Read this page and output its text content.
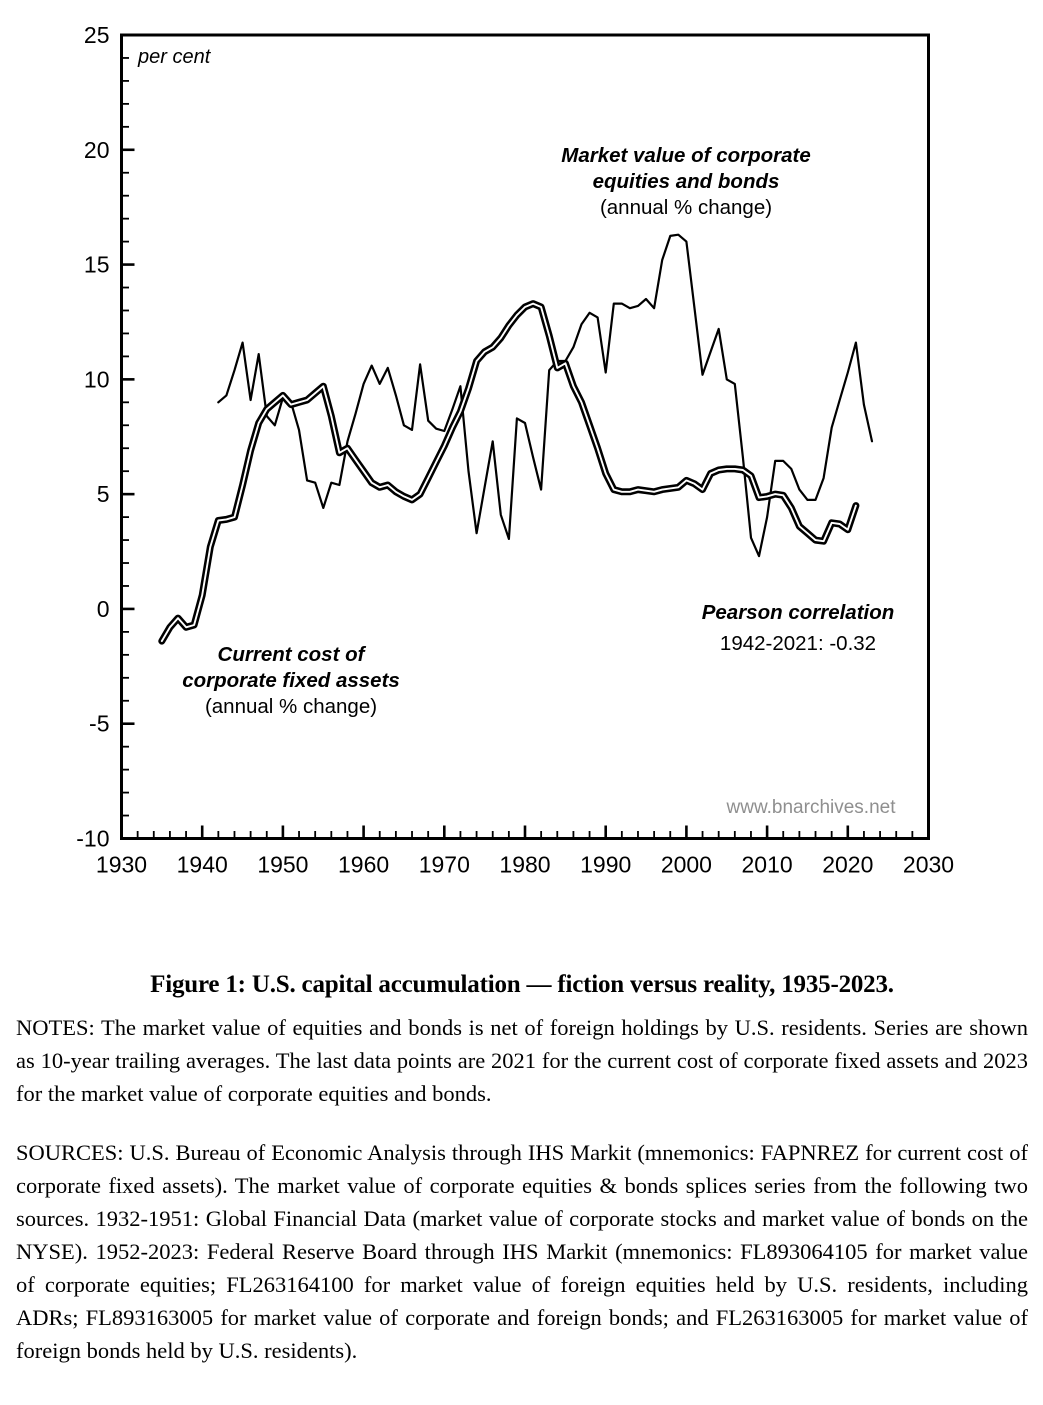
1930 1940 1950 1960 1970 1980 1990 2000 2010 2020 2030
-10
-5
0
5
10
15
20
25
per cent
Market value of corporate
equities and bonds
(annual % change)
Current cost of
corporate fixed assets
(annual % change)
Pearson correlation
1942-2021: -0.32
www.bnarchives.net
Figure 1: U.S. capital accumulation — fiction versus reality, 1935-2023.

NOTES: The market value of equities and bonds is net of foreign holdings by U.S. residents. Series are shown as 10-year trailing averages. The last data points are 2021 for the current cost of corporate fixed assets and 2023 for the market value of corporate equities and bonds.

SOURCES: U.S. Bureau of Economic Analysis through IHS Markit (mnemonics: FAPNREZ for current cost of corporate fixed assets). The market value of corporate equities & bonds splices series from the following two sources. 1932-1951: Global Financial Data (market value of corporate stocks and market value of bonds on the NYSE). 1952-2023: Federal Reserve Board through IHS Markit (mnemonics: FL893064105 for market value of corporate equities; FL263164100 for market value of foreign equities held by U.S. residents, including ADRs; FL893163005 for market value of corporate and foreign bonds; and FL263163005 for market value of foreign bonds held by U.S. residents).
